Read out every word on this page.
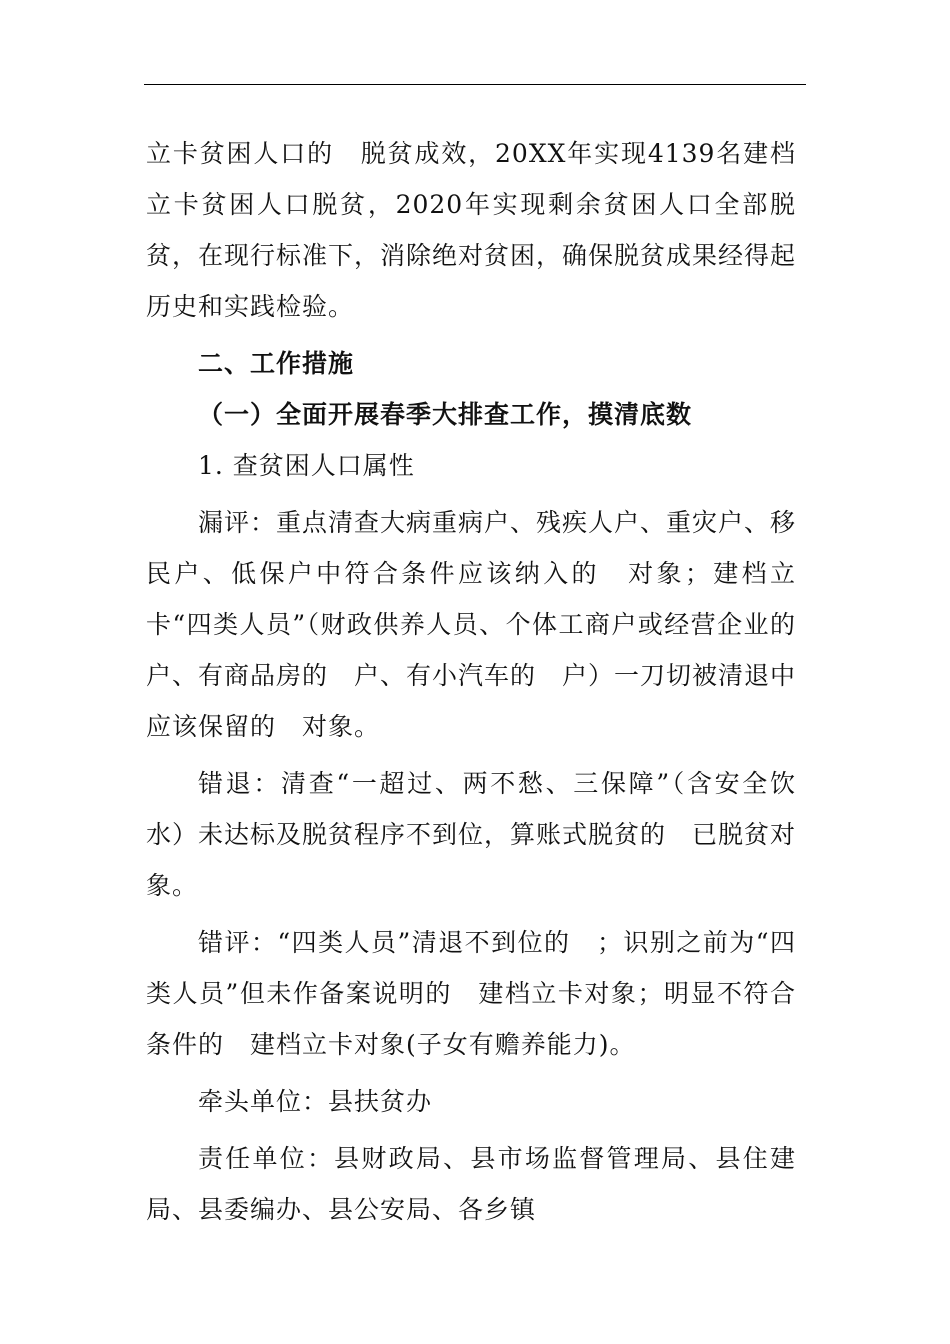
立卡贫困人口的　脱贫成效，20XX年实现4139名建档立卡贫困人口脱贫，2020年实现剩余贫困人口全部脱贫，在现行标准下，消除绝对贫困，确保脱贫成果经得起历史和实践检验。

二、工作措施

（一）全面开展春季大排查工作，摸清底数

1. 查贫困人口属性

漏评：重点清查大病重病户、残疾人户、重灾户、移民户、低保户中符合条件应该纳入的　对象；建档立卡“四类人员”（财政供养人员、个体工商户或经营企业的户、有商品房的　户、有小汽车的　户）一刀切被清退中应该保留的　对象。

错退：清查“一超过、两不愁、三保障”（含安全饮水）未达标及脱贫程序不到位，算账式脱贫的　已脱贫对象。

错评：“四类人员”清退不到位的　；识别之前为“四类人员”但未作备案说明的　建档立卡对象；明显不符合条件的　建档立卡对象(子女有赡养能力)。

牵头单位：县扶贫办

责任单位：县财政局、县市场监督管理局、县住建局、县委编办、县公安局、各乡镇
